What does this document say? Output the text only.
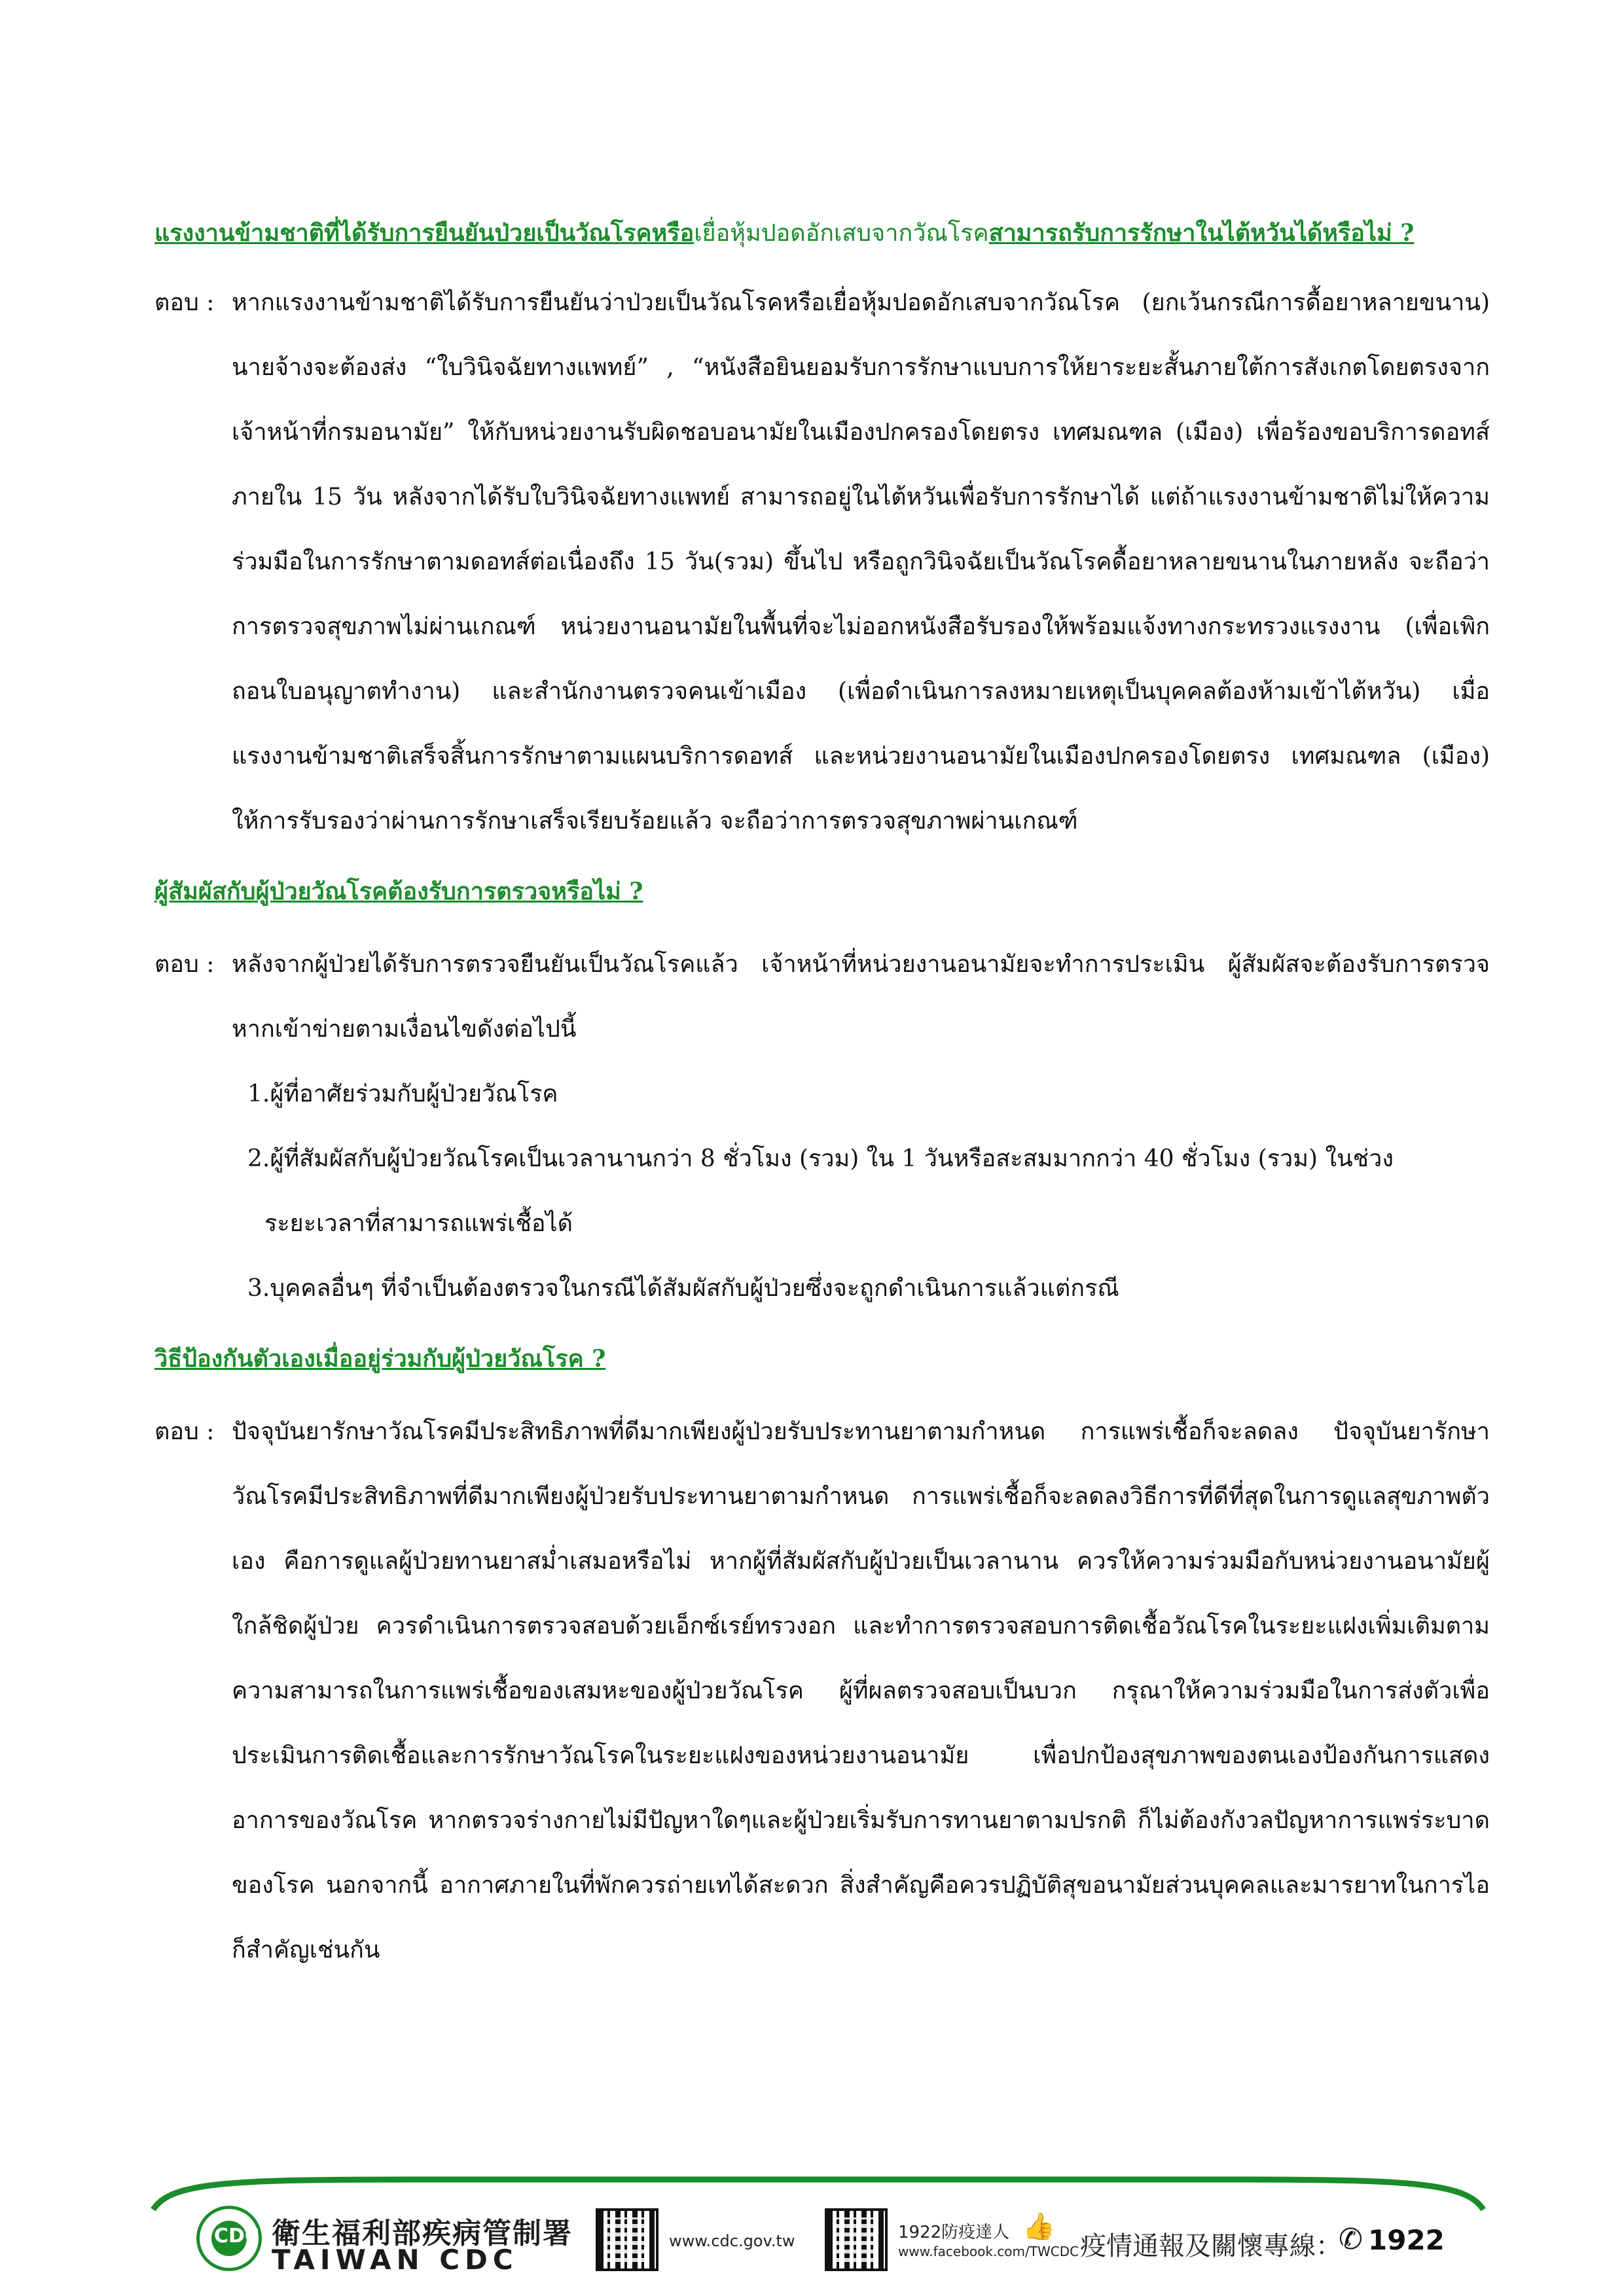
แรงงานข้ามชาติที่ได้รับการยืนยันป่วยเป็นวัณโรคหรือเยื่อหุ้มปอดอักเสบจากวัณโรคสามารถรับการรักษาในไต้หวันได้หรือไม่ ?
ตอบ : หากแรงงานข้ามชาติได้รับการยืนยันว่าป่วยเป็นวัณโรคหรือเยื่อหุ้มปอดอักเสบจากวัณโรค (ยกเว้นกรณีการดื้อยาหลายขนาน) นายจ้างจะต้องส่ง “ใบวินิจฉัยทางแพทย์” , “หนังสือยินยอมรับการรักษาแบบการให้ยาระยะสั้นภายใต้การสังเกตโดยตรงจากเจ้าหน้าที่กรมอนามัย” ให้กับหน่วยงานรับผิดชอบอนามัยในเมืองปกครองโดยตรง เทศมณฑล (เมือง) เพื่อร้องขอบริการดอทส์ภายใน 15 วัน หลังจากได้รับใบวินิจฉัยทางแพทย์ สามารถอยู่ในไต้หวันเพื่อรับการรักษาได้ แต่ถ้าแรงงานข้ามชาติไม่ให้ความร่วมมือในการรักษาตามดอทส์ต่อเนื่องถึง 15 วัน(รวม) ขึ้นไป หรือถูกวินิจฉัยเป็นวัณโรคดื้อยาหลายขนานในภายหลัง จะถือว่าการตรวจสุขภาพไม่ผ่านเกณฑ์ หน่วยงานอนามัยในพื้นที่จะไม่ออกหนังสือรับรองให้พร้อมแจ้งทางกระทรวงแรงงาน (เพื่อเพิกถอนใบอนุญาตทำงาน) และสำนักงานตรวจคนเข้าเมือง (เพื่อดำเนินการลงหมายเหตุเป็นบุคคลต้องห้ามเข้าไต้หวัน) เมื่อแรงงานข้ามชาติเสร็จสิ้นการรักษาตามแผนบริการดอทส์ และหน่วยงานอนามัยในเมืองปกครองโดยตรง เทศมณฑล (เมือง) ให้การรับรองว่าผ่านการรักษาเสร็จเรียบร้อยแล้ว จะถือว่าการตรวจสุขภาพผ่านเกณฑ์

ผู้สัมผัสกับผู้ป่วยวัณโรคต้องรับการตรวจหรือไม่ ?
ตอบ : หลังจากผู้ป่วยได้รับการตรวจยืนยันเป็นวัณโรคแล้ว เจ้าหน้าที่หน่วยงานอนามัยจะทำการประเมิน ผู้สัมผัสจะต้องรับการตรวจหากเข้าข่ายตามเงื่อนไขดังต่อไปนี้

1.ผู้ที่อาศัยร่วมกับผู้ป่วยวัณโรค
2.ผู้ที่สัมผัสกับผู้ป่วยวัณโรคเป็นเวลานานกว่า 8 ชั่วโมง (รวม) ใน 1 วันหรือสะสมมากกว่า 40 ชั่วโมง (รวม) ในช่วง
ระยะเวลาที่สามารถแพร่เชื้อได้
3.บุคคลอื่นๆ ที่จำเป็นต้องตรวจในกรณีได้สัมผัสกับผู้ป่วยซึ่งจะถูกดำเนินการแล้วแต่กรณี
วิธีป้องกันตัวเองเมื่ออยู่ร่วมกับผู้ป่วยวัณโรค ?
ตอบ : ปัจจุบันยารักษาวัณโรคมีประสิทธิภาพที่ดีมากเพียงผู้ป่วยรับประทานยาตามกำหนด การแพร่เชื้อก็จะลดลง ปัจจุบันยารักษาวัณโรคมีประสิทธิภาพที่ดีมากเพียงผู้ป่วยรับประทานยาตามกำหนด การแพร่เชื้อก็จะลดลงวิธีการที่ดีที่สุดในการดูแลสุขภาพตัวเอง คือการดูแลผู้ป่วยทานยาสม่ำเสมอหรือไม่ หากผู้ที่สัมผัสกับผู้ป่วยเป็นเวลานาน ควรให้ความร่วมมือกับหน่วยงานอนามัยผู้ใกล้ชิดผู้ป่วย ควรดำเนินการตรวจสอบด้วยเอ็กซ์เรย์ทรวงอก และทำการตรวจสอบการติดเชื้อวัณโรคในระยะแฝงเพิ่มเติมตามความสามารถในการแพร่เชื้อของเสมหะของผู้ป่วยวัณโรค ผู้ที่ผลตรวจสอบเป็นบวก กรุณาให้ความร่วมมือในการส่งตัวเพื่อประเมินการติดเชื้อและการรักษาวัณโรคในระยะแฝงของหน่วยงานอนามัย เพื่อปกป้องสุขภาพของตนเองป้องกันการแสดงอาการของวัณโรค หากตรวจร่างกายไม่มีปัญหาใดๆและผู้ป่วยเริ่มรับการทานยาตามปรกติ ก็ไม่ต้องกังวลปัญหาการแพร่ระบาดของโรค นอกจากนี้ อากาศภายในที่พักควรถ่ายเทได้สะดวก สิ่งสำคัญคือควรปฏิบัติสุขอนามัยส่วนบุคคลและมารยาทในการไอก็สำคัญเช่นกัน

CDC 衛生福利部疾病管制署
TAIWAN CDC
www.cdc.gov.tw	1922防疫達人
www.facebook.com/TWCDC
👍
疫情通報及關懷專線：
✆ 1922
